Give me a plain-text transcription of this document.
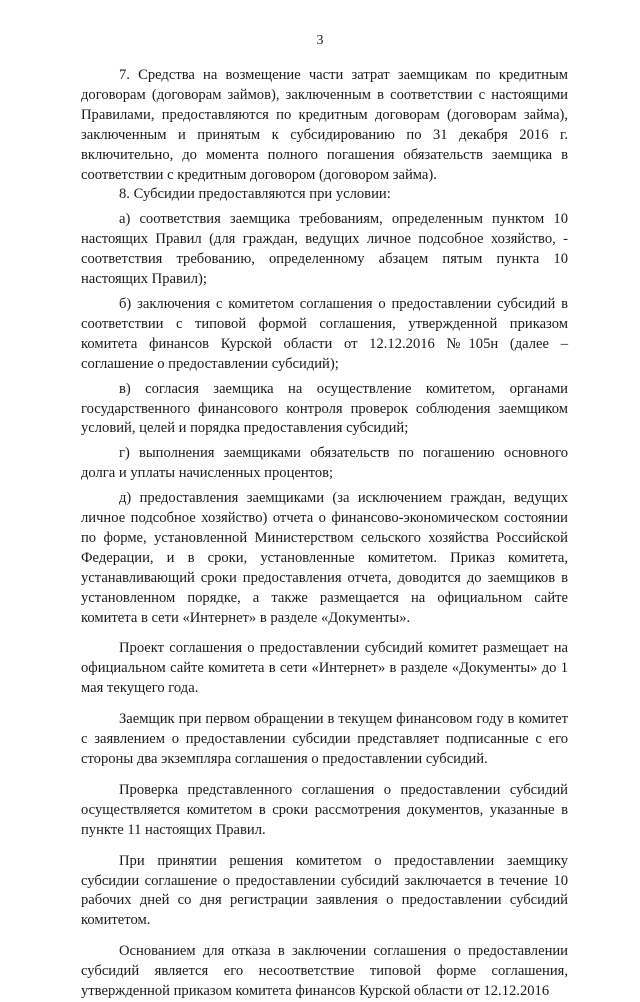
3

7. Средства на возмещение части затрат заемщикам по кредитным договорам (договорам займов), заключенным в соответствии с настоящими Правилами, предоставляются по кредитным договорам (договорам займа), заключенным и принятым к субсидированию по 31 декабря 2016 г. включительно, до момента полного погашения обязательств заемщика в соответствии с кредитным договором (договором займа).

8. Субсидии предоставляются при условии:

а) соответствия заемщика требованиям, определенным пунктом 10 настоящих Правил (для граждан, ведущих личное подсобное хозяйство, - соответствия требованию, определенному абзацем пятым пункта 10 настоящих Правил);

б) заключения с комитетом соглашения о предоставлении субсидий в соответствии с типовой формой соглашения, утвержденной приказом комитета финансов Курской области от 12.12.2016 №105н (далее – соглашение о предоставлении субсидий);

в) согласия заемщика на осуществление комитетом, органами государственного финансового контроля проверок соблюдения заемщиком условий, целей и порядка предоставления субсидий;

г) выполнения заемщиками обязательств по погашению основного долга и уплаты начисленных процентов;

д) предоставления заемщиками (за исключением граждан, ведущих личное подсобное хозяйство) отчета о финансово-экономическом состоянии по форме, установленной Министерством сельского хозяйства Российской Федерации, и в сроки, установленные комитетом. Приказ комитета, устанавливающий сроки предоставления отчета, доводится до заемщиков в установленном порядке, а также размещается на официальном сайте комитета в сети «Интернет» в разделе «Документы».

Проект соглашения о предоставлении субсидий комитет размещает на официальном сайте комитета в сети «Интернет» в разделе «Документы» до 1 мая текущего года.

Заемщик при первом обращении в текущем финансовом году в комитет с заявлением о предоставлении субсидии представляет подписанные с его стороны два экземпляра соглашения о предоставлении субсидий.

Проверка представленного соглашения о предоставлении субсидий осуществляется комитетом в сроки рассмотрения документов, указанные в пункте 11 настоящих Правил.

При принятии решения комитетом о предоставлении заемщику субсидии соглашение о предоставлении субсидий заключается в течение 10 рабочих дней со дня регистрации заявления о предоставлении субсидий комитетом.

Основанием для отказа в заключении соглашения о предоставлении субсидий является его несоответствие типовой форме соглашения, утвержденной приказом комитета финансов Курской области от 12.12.2016
